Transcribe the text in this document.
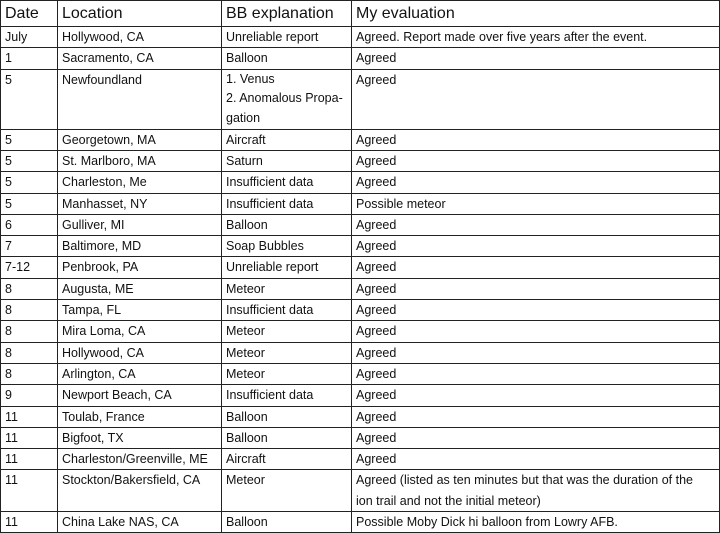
Date	Location	BB explanation	My evaluation
July	Hollywood, CA	Unreliable report	Agreed. Report made over five years after the event.
1	Sacramento, CA	Balloon	Agreed
5	Newfoundland	1. Venus
2. Anomalous Propa-
gation	Agreed
5	Georgetown, MA	Aircraft	Agreed
5	St. Marlboro, MA	Saturn	Agreed
5	Charleston, Me	Insufficient data	Agreed
5	Manhasset, NY	Insufficient data	Possible meteor
6	Gulliver, MI	Balloon	Agreed
7	Baltimore, MD	Soap Bubbles	Agreed
7-12	Penbrook, PA	Unreliable report	Agreed
8	Augusta, ME	Meteor	Agreed
8	Tampa, FL	Insufficient data	Agreed
8	Mira Loma, CA	Meteor	Agreed
8	Hollywood, CA	Meteor	Agreed
8	Arlington, CA	Meteor	Agreed
9	Newport Beach, CA	Insufficient data	Agreed
11	Toulab, France	Balloon	Agreed
11	Bigfoot, TX	Balloon	Agreed
11	Charleston/Greenville, ME	Aircraft	Agreed
11	Stockton/Bakersfield, CA	Meteor	Agreed (listed as ten minutes but that was the duration of the
ion trail and not the initial meteor)

11	China Lake NAS, CA	Balloon	Possible Moby Dick hi balloon from Lowry AFB.
